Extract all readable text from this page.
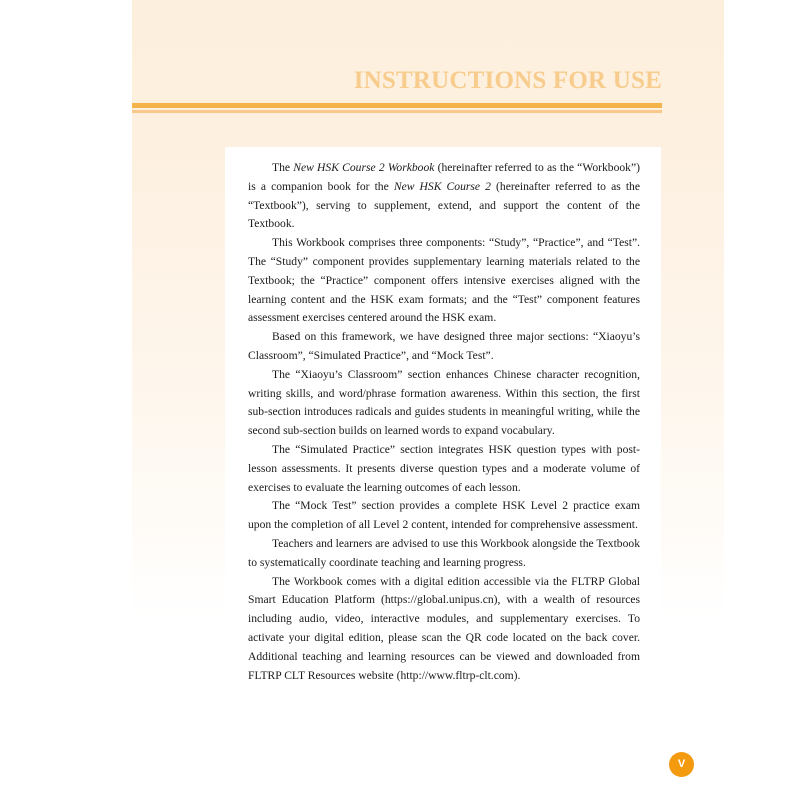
INSTRUCTIONS FOR USE

The New HSK Course 2 Workbook (hereinafter referred to as the “Workbook”) is a companion book for the New HSK Course 2 (hereinafter referred to as the “Textbook”), serving to supplement, extend, and support the content of the Textbook.

This Workbook comprises three components: “Study”, “Practice”, and “Test”. The “Study” component provides supplementary learning materials related to the Textbook; the “Practice” component offers intensive exercises aligned with the learning content and the HSK exam formats; and the “Test” component features assessment exercises centered around the HSK exam.

Based on this framework, we have designed three major sections: “Xiaoyu’s Classroom”, “Simulated Practice”, and “Mock Test”.

The “Xiaoyu’s Classroom” section enhances Chinese character recognition, writing skills, and word/phrase formation awareness. Within this section, the first sub-section introduces radicals and guides students in meaningful writing, while the second sub-section builds on learned words to expand vocabulary.

The “Simulated Practice” section integrates HSK question types with post-lesson assessments. It presents diverse question types and a moderate volume of exercises to evaluate the learning outcomes of each lesson.

The “Mock Test” section provides a complete HSK Level 2 practice exam upon the completion of all Level 2 content, intended for comprehensive assessment.

Teachers and learners are advised to use this Workbook alongside the Textbook to systematically coordinate teaching and learning progress.

The Workbook comes with a digital edition accessible via the FLTRP Global Smart Education Platform (https://global.unipus.cn), with a wealth of resources including audio, video, interactive modules, and supplementary exercises. To activate your digital edition, please scan the QR code located on the back cover. Additional teaching and learning resources can be viewed and downloaded from FLTRP CLT Resources website (http://www.fltrp-clt.com).

V
